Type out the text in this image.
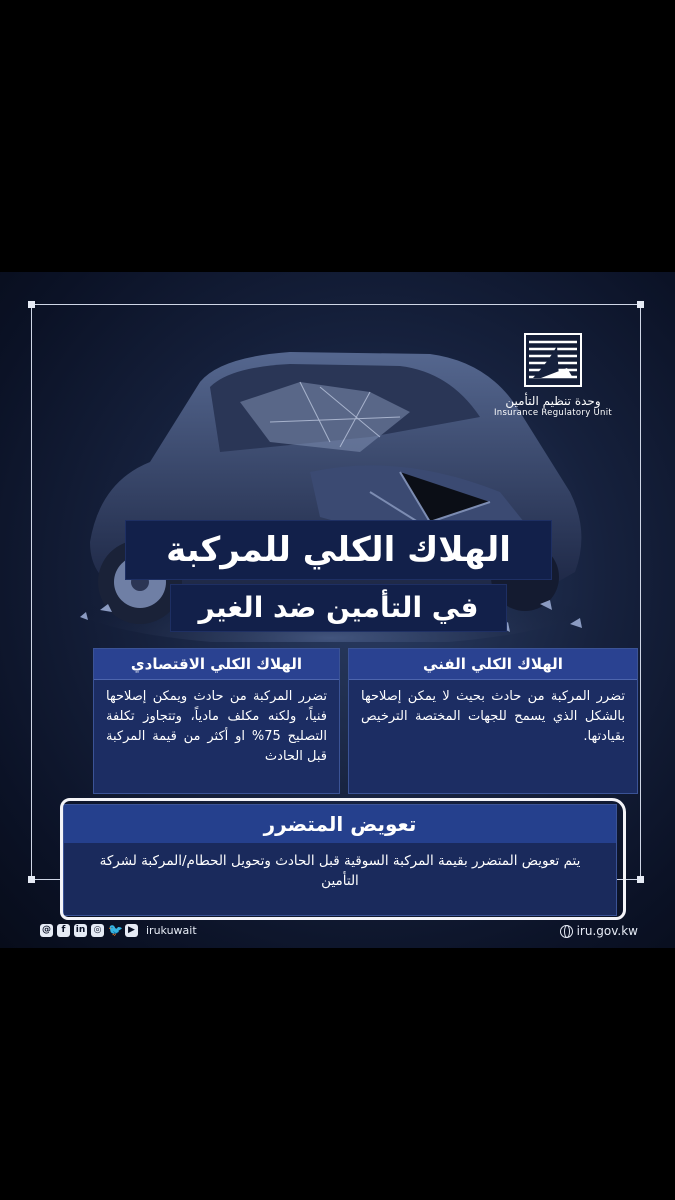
وحدة تنظيم التأمين
Insurance Regulatory Unit
الهلاك الكلي للمركبة
في التأمين ضد الغير
الهلاك الكلي الفني
تضرر المركبة من حادث بحيث لا يمكن إصلاحها بالشكل الذي يسمح للجهات المختصة الترخيص بقيادتها.
الهلاك الكلي الاقتصادي
تضرر المركبة من حادث ويمكن إصلاحها فنياً، ولكنه مكلف مادياً، وتتجاوز تكلفة التصليح 75% او أكثر من قيمة المركبة قبل الحادث
تعويض المتضرر
يتم تعويض المتضرر بقيمة المركبة السوقية قبل الحادث وتحويل الحطام/المركبة لشركة التأمين
@	f	in ◎ 🐦 ▶ irukuwait	iru.gov.kw
